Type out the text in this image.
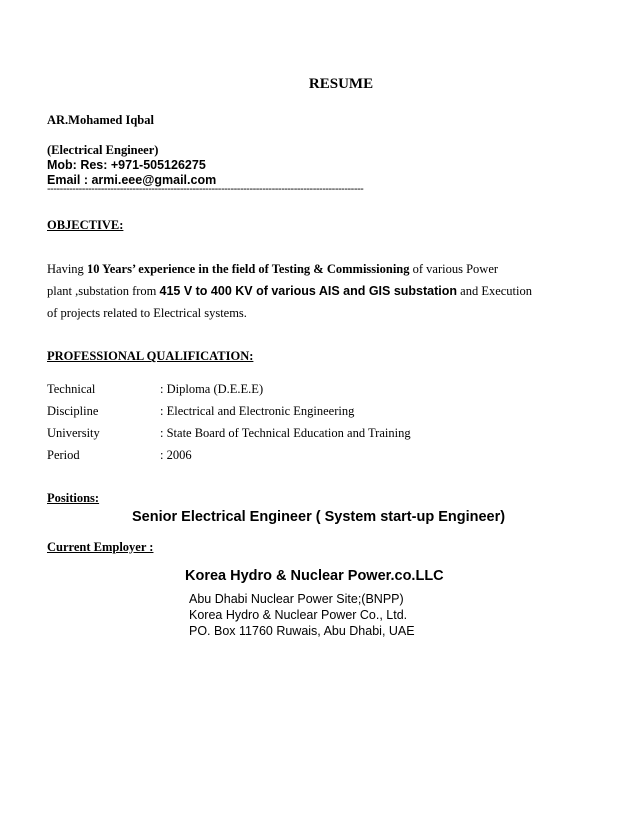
RESUME
AR.Mohamed Iqbal
(Electrical Engineer)
Mob: Res: +971-505126275
Email : armi.eee@gmail.com
----------------------------------------------------------------------------------------------------
OBJECTIVE:
Having 10 Years’ experience in the field of Testing & Commissioning of various Power
plant ,substation from 415 V to 400 KV of various AIS and GIS substation and Execution
of projects related to Electrical systems.
PROFESSIONAL QUALIFICATION:
Technical	: Diploma (D.E.E.E)
Discipline	: Electrical and Electronic Engineering
University	: State Board of Technical Education and Training
Period	: 2006
Positions:
Senior Electrical Engineer ( System start-up Engineer)
Current Employer :
Korea Hydro & Nuclear Power.co.LLC
Abu Dhabi Nuclear Power Site;(BNPP)
Korea Hydro & Nuclear Power Co., Ltd.
PO. Box 11760 Ruwais, Abu Dhabi, UAE
